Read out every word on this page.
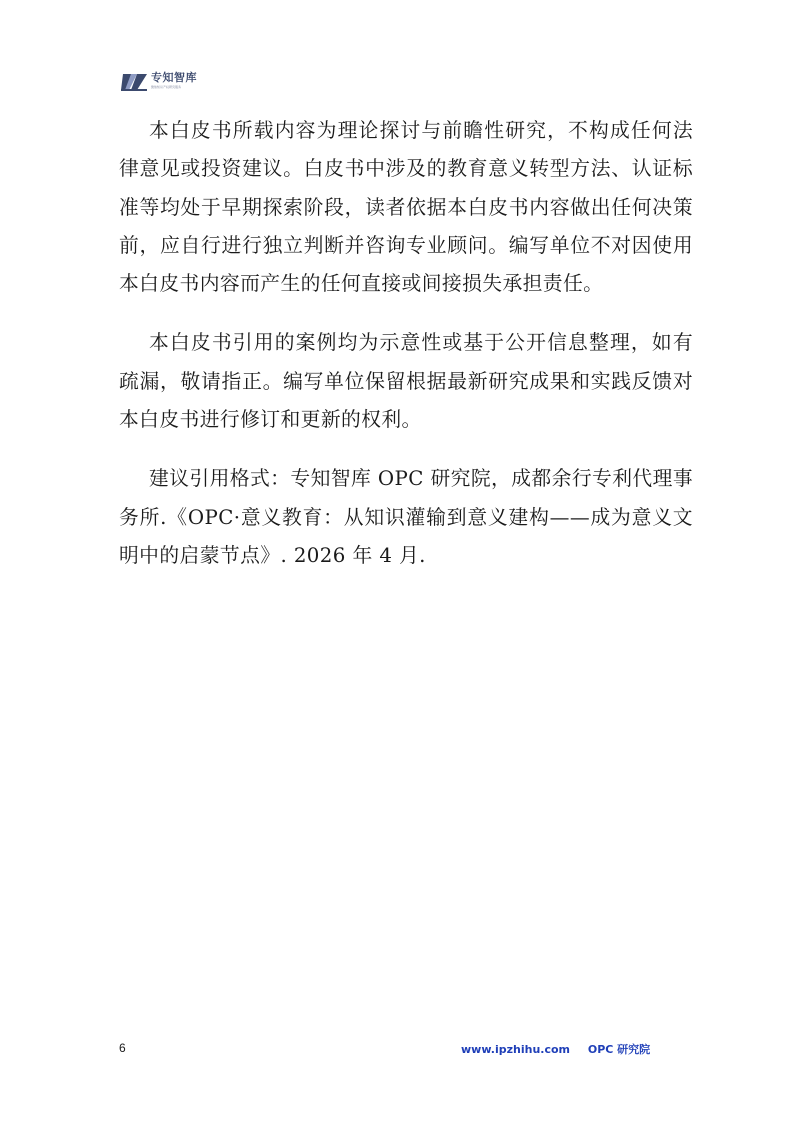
专知智库
聚焦知识产权研究服务

本白皮书所载内容为理论探讨与前瞻性研究，不构成任何法律意见或投资建议。白皮书中涉及的教育意义转型方法、认证标准等均处于早期探索阶段，读者依据本白皮书内容做出任何决策前，应自行进行独立判断并咨询专业顾问。编写单位不对因使用本白皮书内容而产生的任何直接或间接损失承担责任。

本白皮书引用的案例均为示意性或基于公开信息整理，如有疏漏，敬请指正。编写单位保留根据最新研究成果和实践反馈对本白皮书进行修订和更新的权利。

建议引用格式：专知智库 OPC 研究院，成都余行专利代理事务所.《OPC·意义教育：从知识灌输到意义建构——成为意义文明中的启蒙节点》. 2026 年 4 月.

6	www.ipzhihu.com OPC 研究院
